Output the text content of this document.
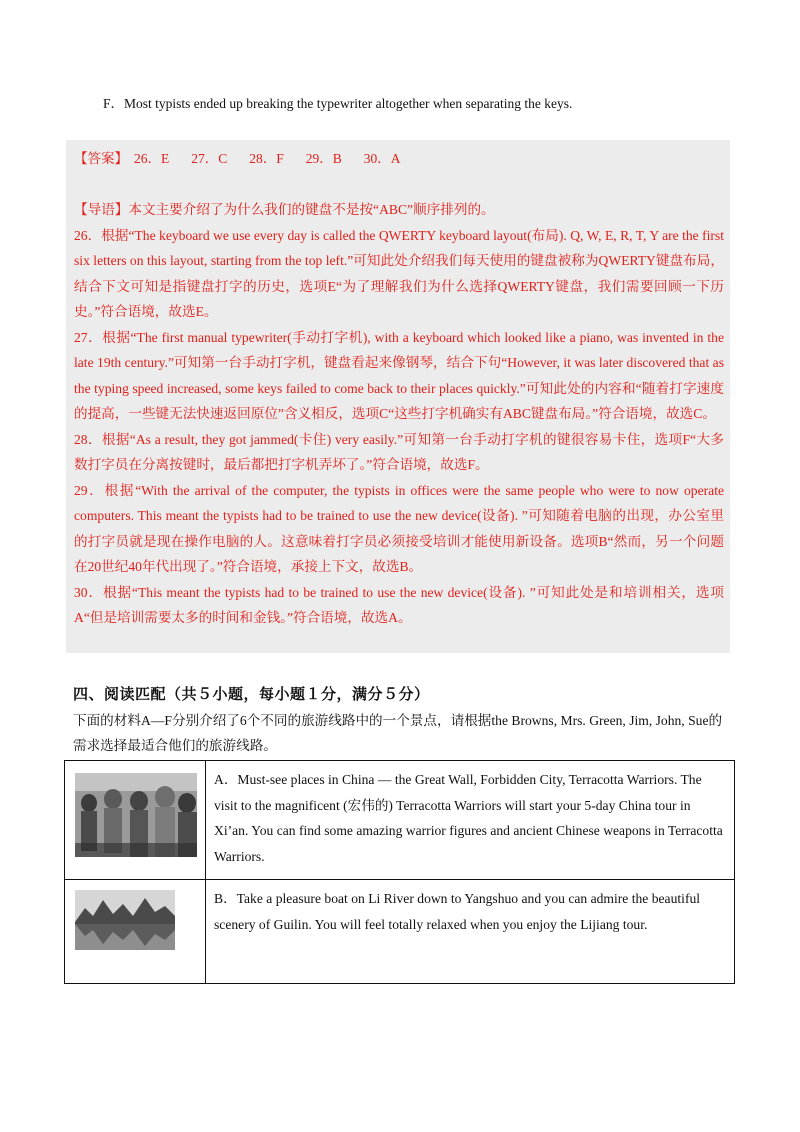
F．Most typists ended up breaking the typewriter altogether when separating the keys.
【答案】 26．E 27．C 28．F 29．B 30．A

【导语】本文主要介绍了为什么我们的键盘不是按“ABC”顺序排列的。

26．根据“The keyboard we use every day is called the QWERTY keyboard layout(布局). Q, W, E, R, T, Y are the first six letters on this layout, starting from the top left.”可知此处介绍我们每天使用的键盘被称为QWERTY键盘布局，结合下文可知是指键盘打字的历史，选项E“为了理解我们为什么选择QWERTY键盘，我们需要回顾一下历史。”符合语境，故选E。

27．根据“The first manual typewriter(手动打字机), with a keyboard which looked like a piano, was invented in the late 19th century.”可知第一台手动打字机，键盘看起来像钢琴，结合下句“However, it was later discovered that as the typing speed increased, some keys failed to come back to their places quickly.”可知此处的内容和“随着打字速度的提高，一些键无法快速返回原位”含义相反，选项C“这些打字机确实有ABC键盘布局。”符合语境，故选C。

28．根据“As a result, they got jammed(卡住) very easily.”可知第一台手动打字机的键很容易卡住，选项F“大多数打字员在分离按键时，最后都把打字机弄坏了。”符合语境，故选F。

29．根据“With the arrival of the computer, the typists in offices were the same people who were to now operate computers. This meant the typists had to be trained to use the new device(设备). ”可知随着电脑的出现，办公室里的打字员就是现在操作电脑的人。这意味着打字员必须接受培训才能使用新设备。选项B“然而，另一个问题在20世纪40年代出现了。”符合语境，承接上下文，故选B。

30．根据“This meant the typists had to be trained to use the new device(设备). ”可知此处是和培训相关，选项A“但是培训需要太多的时间和金钱。”符合语境，故选A。

四、阅读匹配（共５小题，每小题１分，满分５分）

下面的材料A—F分别介绍了6个不同的旅游线路中的一个景点，请根据the Browns, Mrs. Green, Jim, John, Sue的需求选择最适合他们的旅游线路。

	A．Must-see places in China — the Great Wall, Forbidden City, Terracotta Warriors. The visit to the magnificent (宏伟的) Terracotta Warriors will start your 5-day China tour in Xi’an. You can find some amazing warrior figures and ancient Chinese weapons in Terracotta Warriors.

	B．Take a pleasure boat on Li River down to Yangshuo and you can admire the beautiful scenery of Guilin. You will feel totally relaxed when you enjoy the Lijiang tour.
